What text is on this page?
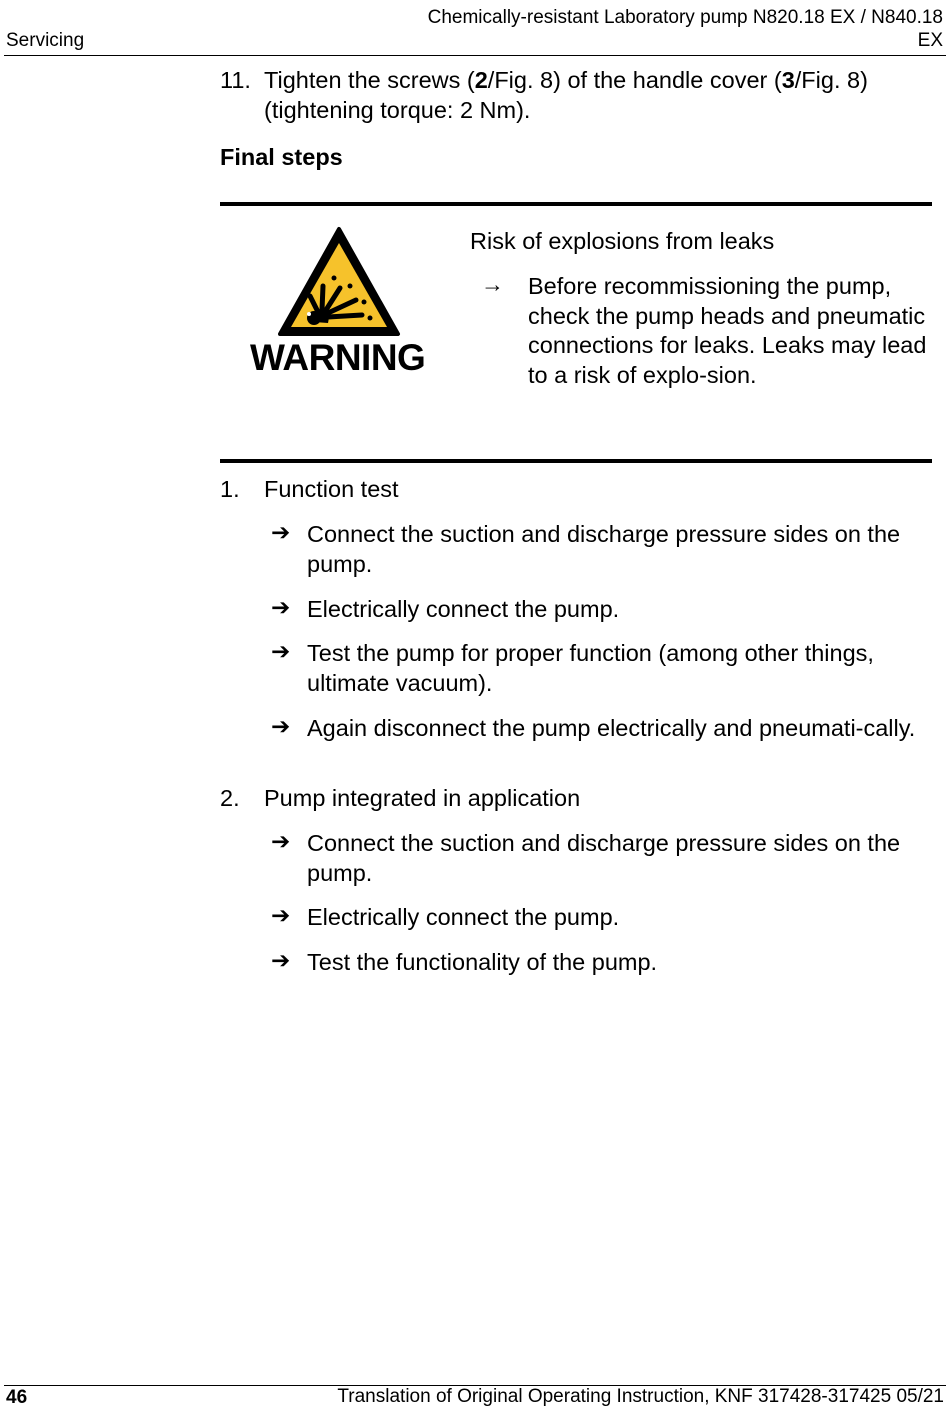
Servicing
Chemically-resistant Laboratory pump N820.18 EX / N840.18
EX
11. Tighten the screws (2/Fig. 8) of the handle cover (3/Fig. 8) (tightening torque: 2 Nm).
Final steps
WARNING
Risk of explosions from leaks
→ Before recommissioning the pump, check the pump heads and pneumatic connections for leaks. Leaks may lead to a risk of explo-sion.
1. Function test
➔ Connect the suction and discharge pressure sides on the pump.
➔ Electrically connect the pump.
➔ Test the pump for proper function (among other things, ultimate vacuum).
➔ Again disconnect the pump electrically and pneumati-cally.
2. Pump integrated in application
➔ Connect the suction and discharge pressure sides on the pump.
➔ Electrically connect the pump.
➔ Test the functionality of the pump.
46	Translation of Original Operating Instruction, KNF 317428-317425 05/21
